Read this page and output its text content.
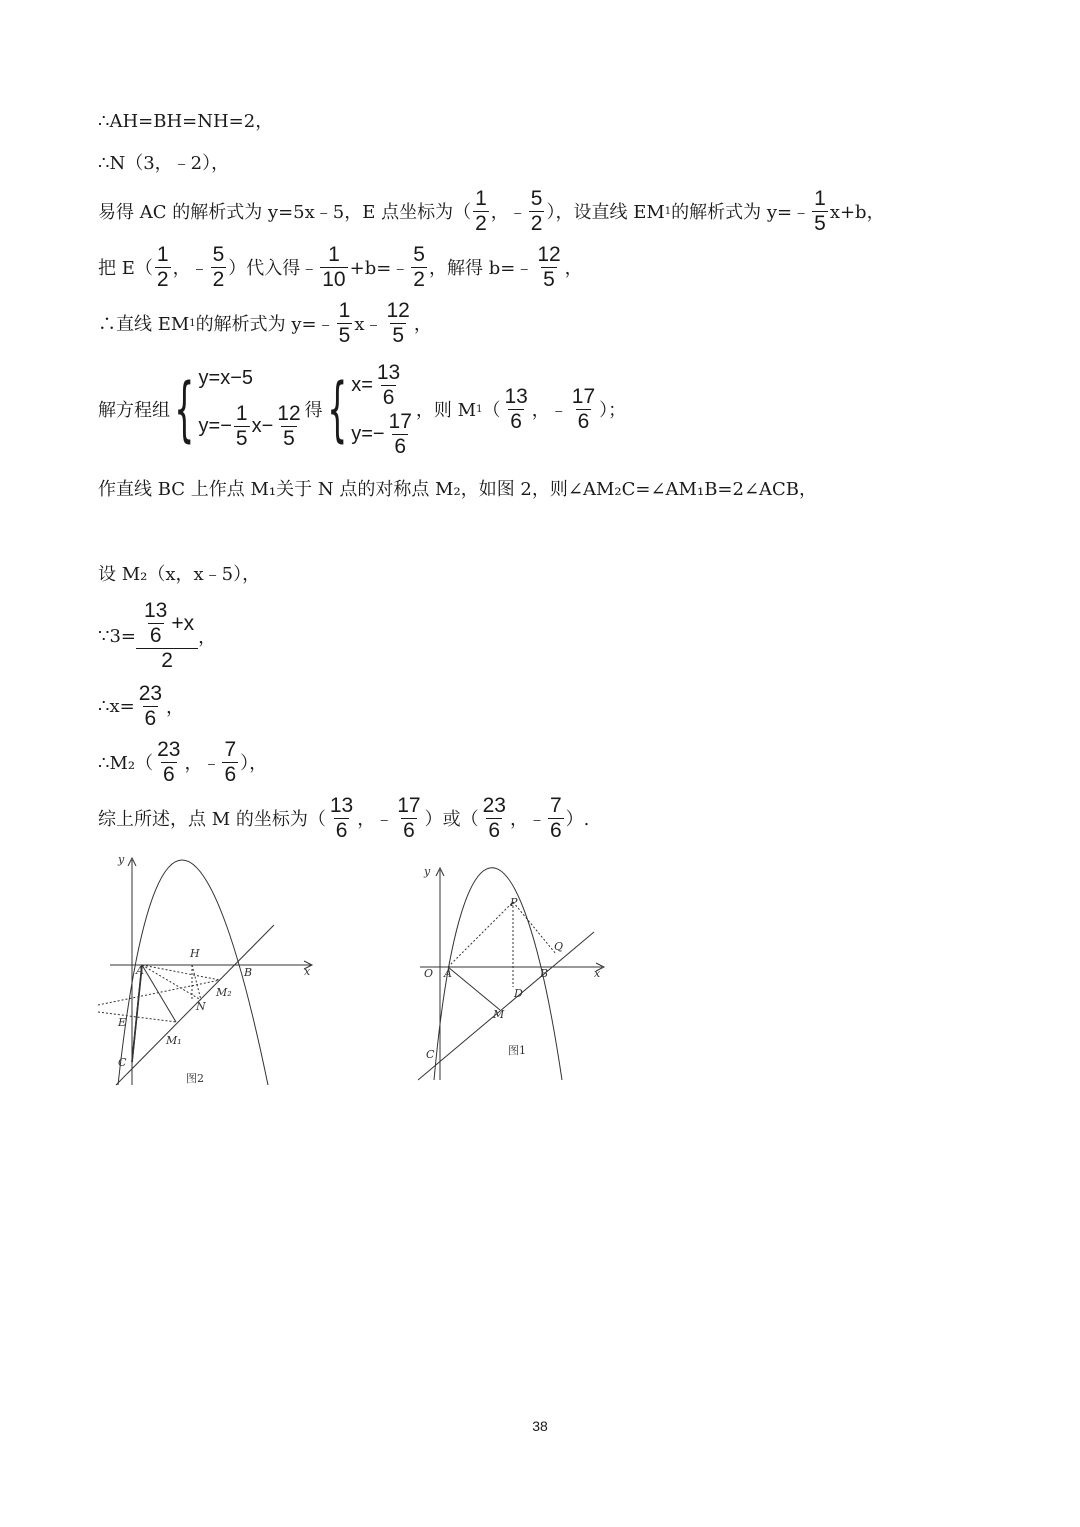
∴AH=BH=NH=2，
∴N（3，﹣2），
易得 AC 的解析式为 y=5x﹣5，E 点坐标为（ $\frac{1}{2}$ ，﹣ $\frac{5}{2}$ ），设直线 EM 1 的解析式为 y=﹣ $\frac{1}{5} x+b$，
把 $E( \frac{1}{2}$ ，﹣ $\frac{5}{2}$ ）代入得﹣ $\frac{1}{10}$ +b=﹣ $\frac{5}{2}$ ，解得 b=﹣ $\frac{12}{5}$ ，
∴直线 EM 1 的解析式为 y=﹣ $\frac{1}{5}$ x﹣ $\frac{12}{5}$ ，
解方程组 { y=x−5
$y=- \frac{1}{5} x- \frac{12}{5}$ 得 { $x= \frac{13}{6}$
$y=- \frac{17}{6}$ ，则 M 1 （ $\frac{13}{6}$ ，﹣ $\frac{17}{6}$ ）；
作直线 BC 上作点 M₁关于 N 点的对称点 M₂，如图 2，则∠AM₂C=∠AM₁B=2∠ACB，
设 M₂（x，x﹣5），
∵3= $\frac{\frac{13}{6} +x}{2}$ ，
∴x= $\frac{23}{6}$ ，
∴M₂（ $\frac{23}{6}$ ，﹣ $\frac{7}{6}$ ），
综上所述，点 M 的坐标为（ $\frac{13}{6}$ ，﹣ $\frac{17}{6}$ ）或（ $\frac{23}{6}$ ，﹣ $\frac{7}{6}$ ）.
y
x
A	B
H
N
M₂
E
M₁
C
图2
y
x
O A	B
P
Q
D
M
C	图1
38
